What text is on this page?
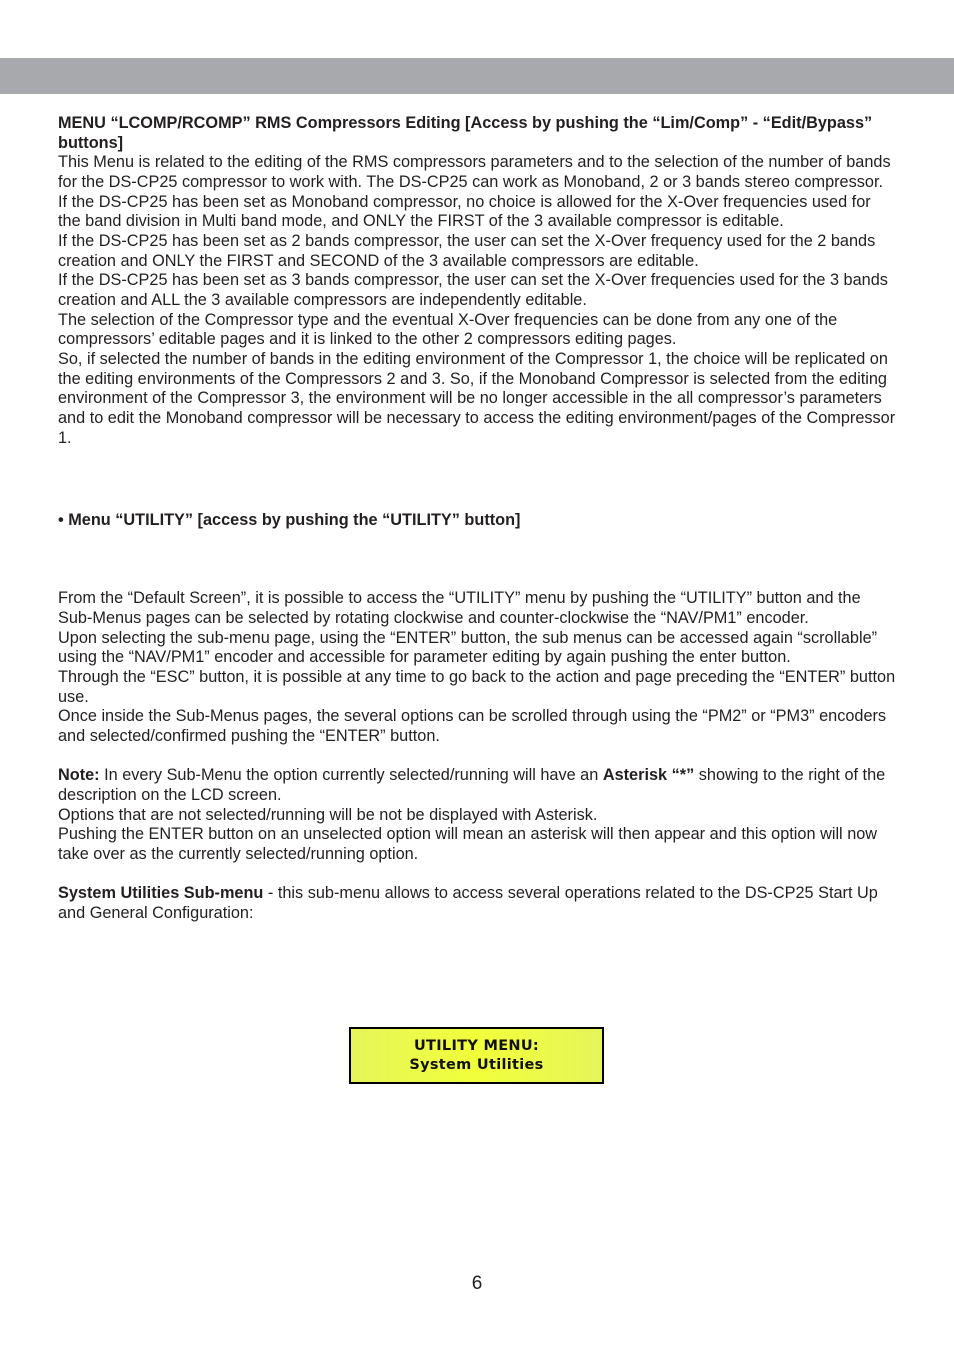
MENU “LCOMP/RCOMP” RMS Compressors Editing [Access by pushing the “Lim/Comp” - “Edit/Bypass” buttons]

This Menu is related to the editing of the RMS compressors parameters and to the selection of the number of bands for the DS-CP25 compressor to work with. The DS-CP25 can work as Monoband, 2 or 3 bands stereo compressor.

If the DS-CP25 has been set as Monoband compressor, no choice is allowed for the X-Over frequencies used for the band division in Multi band mode, and ONLY the FIRST of the 3 available compressor is editable.

If the DS-CP25 has been set as 2 bands compressor, the user can set the X-Over frequency used for the 2 bands creation and ONLY the FIRST and SECOND of the 3 available compressors are editable.

If the DS-CP25 has been set as 3 bands compressor, the user can set the X-Over frequencies used for the 3 bands creation and ALL the 3 available compressors are independently editable.

The selection of the Compressor type and the eventual X-Over frequencies can be done from any one of the compressors’ editable pages and it is linked to the other 2 compressors editing pages.

So, if selected the number of bands in the editing environment of the Compressor 1, the choice will be replicated on the editing environments of the Compressors 2 and 3. So, if the Monoband Compressor is selected from the editing environment of the Compressor 3, the environment will be no longer accessible in the all compressor’s parameters and to edit the Monoband compressor will be necessary to access the editing environment/pages of the Compressor 1.

• Menu “UTILITY” [access by pushing the “UTILITY” button]

From the “Default Screen”, it is possible to access the “UTILITY” menu by pushing the “UTILITY” button and the Sub-Menus pages can be selected by rotating clockwise and counter-clockwise the “NAV/PM1” encoder.

Upon selecting the sub-menu page, using the “ENTER” button, the sub menus can be accessed again “scrollable” using the “NAV/PM1” encoder and accessible for parameter editing by again pushing the enter button.

Through the “ESC” button, it is possible at any time to go back to the action and page preceding the “ENTER” button use.

Once inside the Sub-Menus pages, the several options can be scrolled through using the “PM2” or “PM3” encoders and selected/confirmed pushing the “ENTER” button.

Note: In every Sub-Menu the option currently selected/running will have an Asterisk “*” showing to the right of the description on the LCD screen.

Options that are not selected/running will be not be displayed with Asterisk.

Pushing the ENTER button on an unselected option will mean an asterisk will then appear and this option will now take over as the currently selected/running option.

System Utilities Sub-menu - this sub-menu allows to access several operations related to the DS-CP25 Start Up and General Configuration:

UTILITY MENU:
System Utilities
6
